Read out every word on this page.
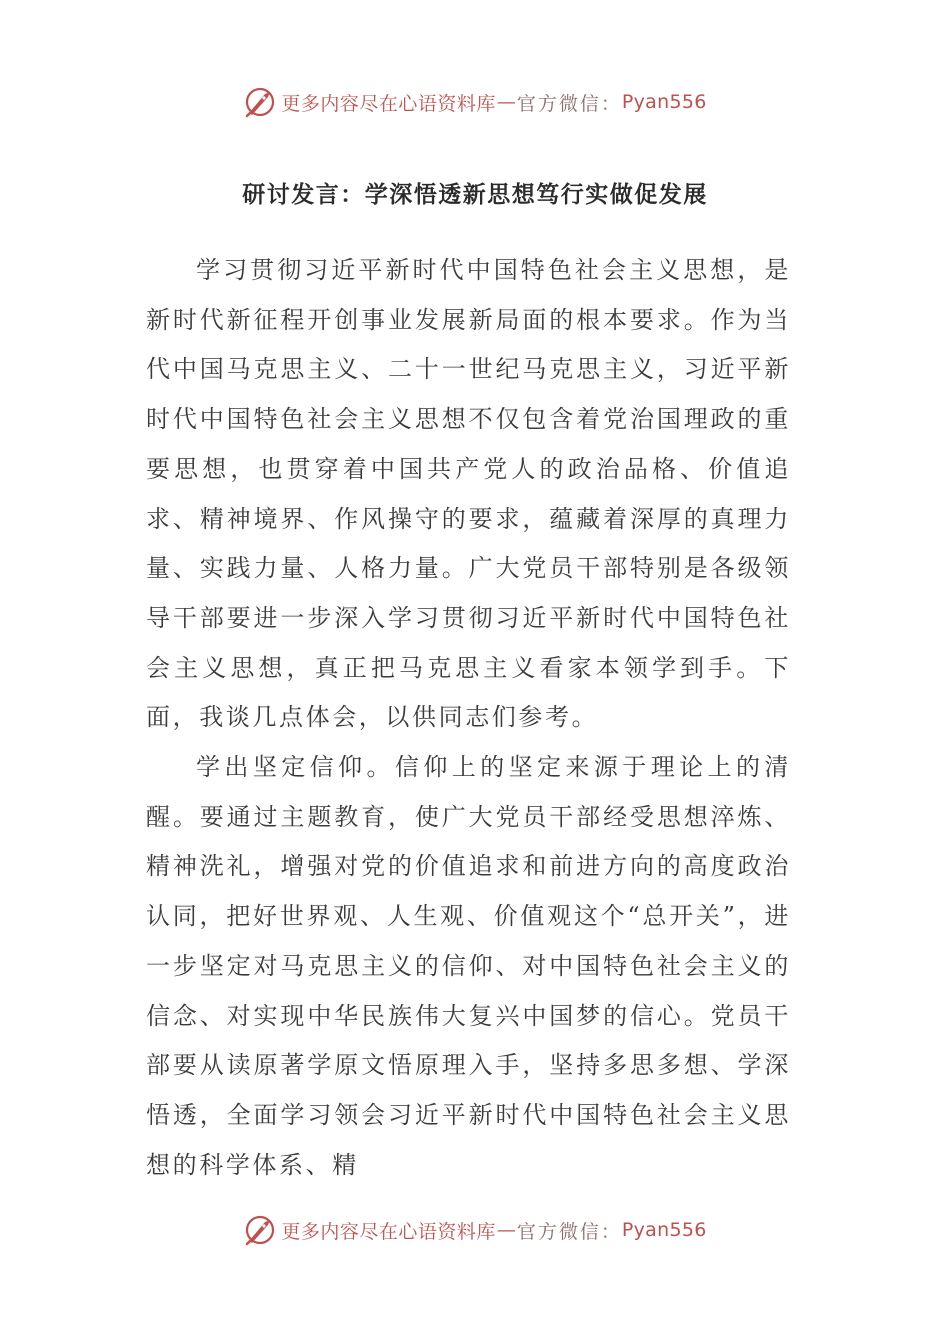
更多内容尽在心语资料库 — 官方微信： Pyan556
研讨发言：学深悟透新思想笃行实做促发展

学习贯彻习近平新时代中国特色社会主义思想，是新时代新征程开创事业发展新局面的根本要求。作为当代中国马克思主义、二十一世纪马克思主义，习近平新时代中国特色社会主义思想不仅包含着党治国理政的重要思想，也贯穿着中国共产党人的政治品格、价值追求、精神境界、作风操守的要求，蕴藏着深厚的真理力量、实践力量、人格力量。广大党员干部特别是各级领导干部要进一步深入学习贯彻习近平新时代中国特色社会主义思想，真正把马克思主义看家本领学到手。下面，我谈几点体会，以供同志们参考。

学出坚定信仰。信仰上的坚定来源于理论上的清醒。要通过主题教育，使广大党员干部经受思想淬炼、精神洗礼，增强对党的价值追求和前进方向的高度政治认同，把好世界观、人生观、价值观这个“总开关”，进一步坚定对马克思主义的信仰、对中国特色社会主义的信念、对实现中华民族伟大复兴中国梦的信心。党员干部要从读原著学原文悟原理入手，坚持多思多想、学深悟透，全面学习领会习近平新时代中国特色社会主义思想的科学体系、精

更多内容尽在心语资料库 — 官方微信： Pyan556
